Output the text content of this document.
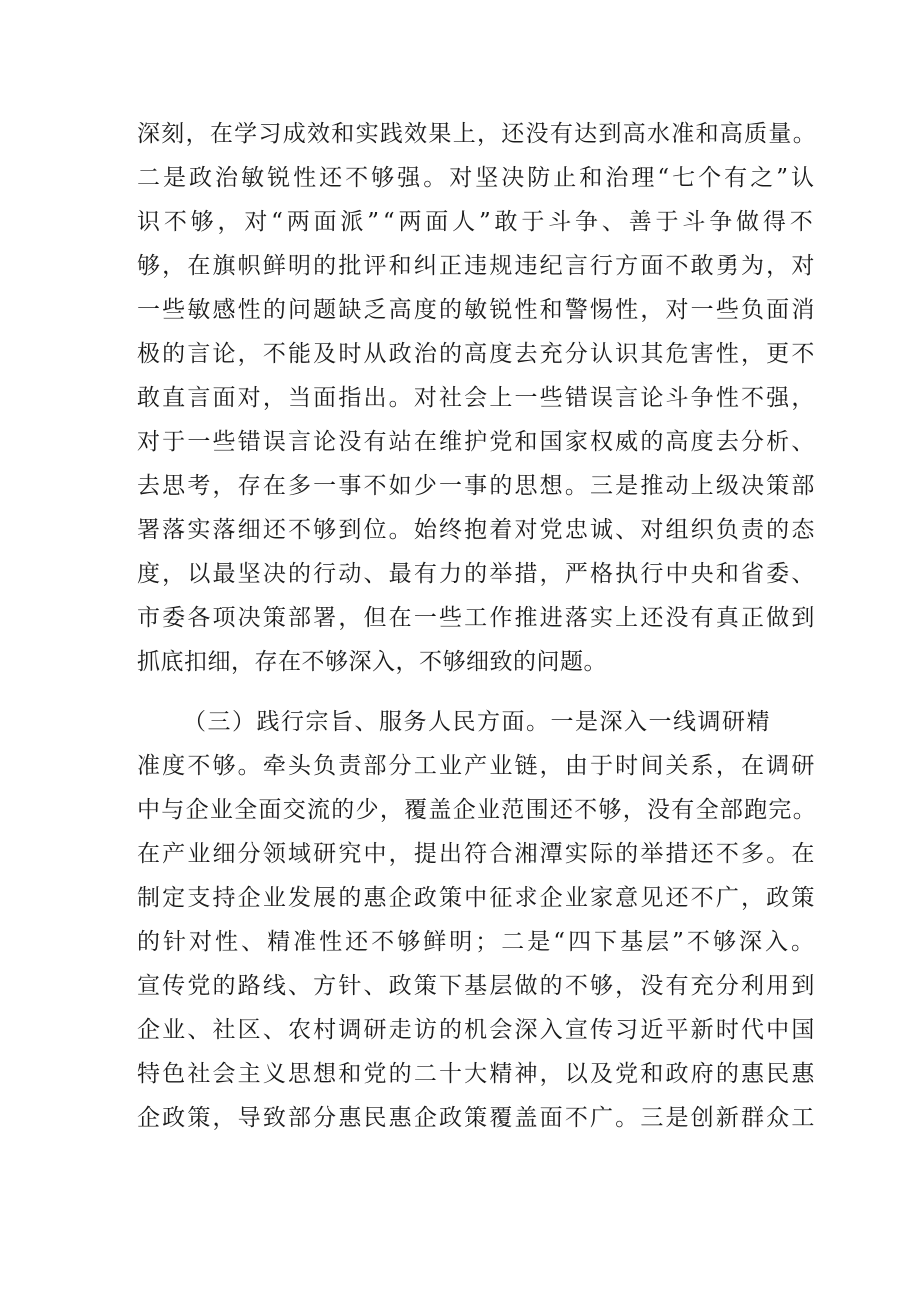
深刻，在学习成效和实践效果上，还没有达到高水准和高质量。
二是政治敏锐性还不够强。对坚决防止和治理“七个有之”认
识不够，对“两面派”“两面人”敢于斗争、善于斗争做得不
够，在旗帜鲜明的批评和纠正违规违纪言行方面不敢勇为，对
一些敏感性的问题缺乏高度的敏锐性和警惕性，对一些负面消
极的言论，不能及时从政治的高度去充分认识其危害性，更不
敢直言面对，当面指出。对社会上一些错误言论斗争性不强，
对于一些错误言论没有站在维护党和国家权威的高度去分析、
去思考，存在多一事不如少一事的思想。三是推动上级决策部
署落实落细还不够到位。始终抱着对党忠诚、对组织负责的态
度，以最坚决的行动、最有力的举措，严格执行中央和省委、
市委各项决策部署，但在一些工作推进落实上还没有真正做到
抓底扣细，存在不够深入，不够细致的问题。
（三）践行宗旨、服务人民方面。一是深入一线调研精
准度不够。牵头负责部分工业产业链，由于时间关系，在调研
中与企业全面交流的少，覆盖企业范围还不够，没有全部跑完。
在产业细分领域研究中，提出符合湘潭实际的举措还不多。在
制定支持企业发展的惠企政策中征求企业家意见还不广，政策
的针对性、精准性还不够鲜明；二是“四下基层”不够深入。
宣传党的路线、方针、政策下基层做的不够，没有充分利用到
企业、社区、农村调研走访的机会深入宣传习近平新时代中国
特色社会主义思想和党的二十大精神，以及党和政府的惠民惠
企政策，导致部分惠民惠企政策覆盖面不广。三是创新群众工
